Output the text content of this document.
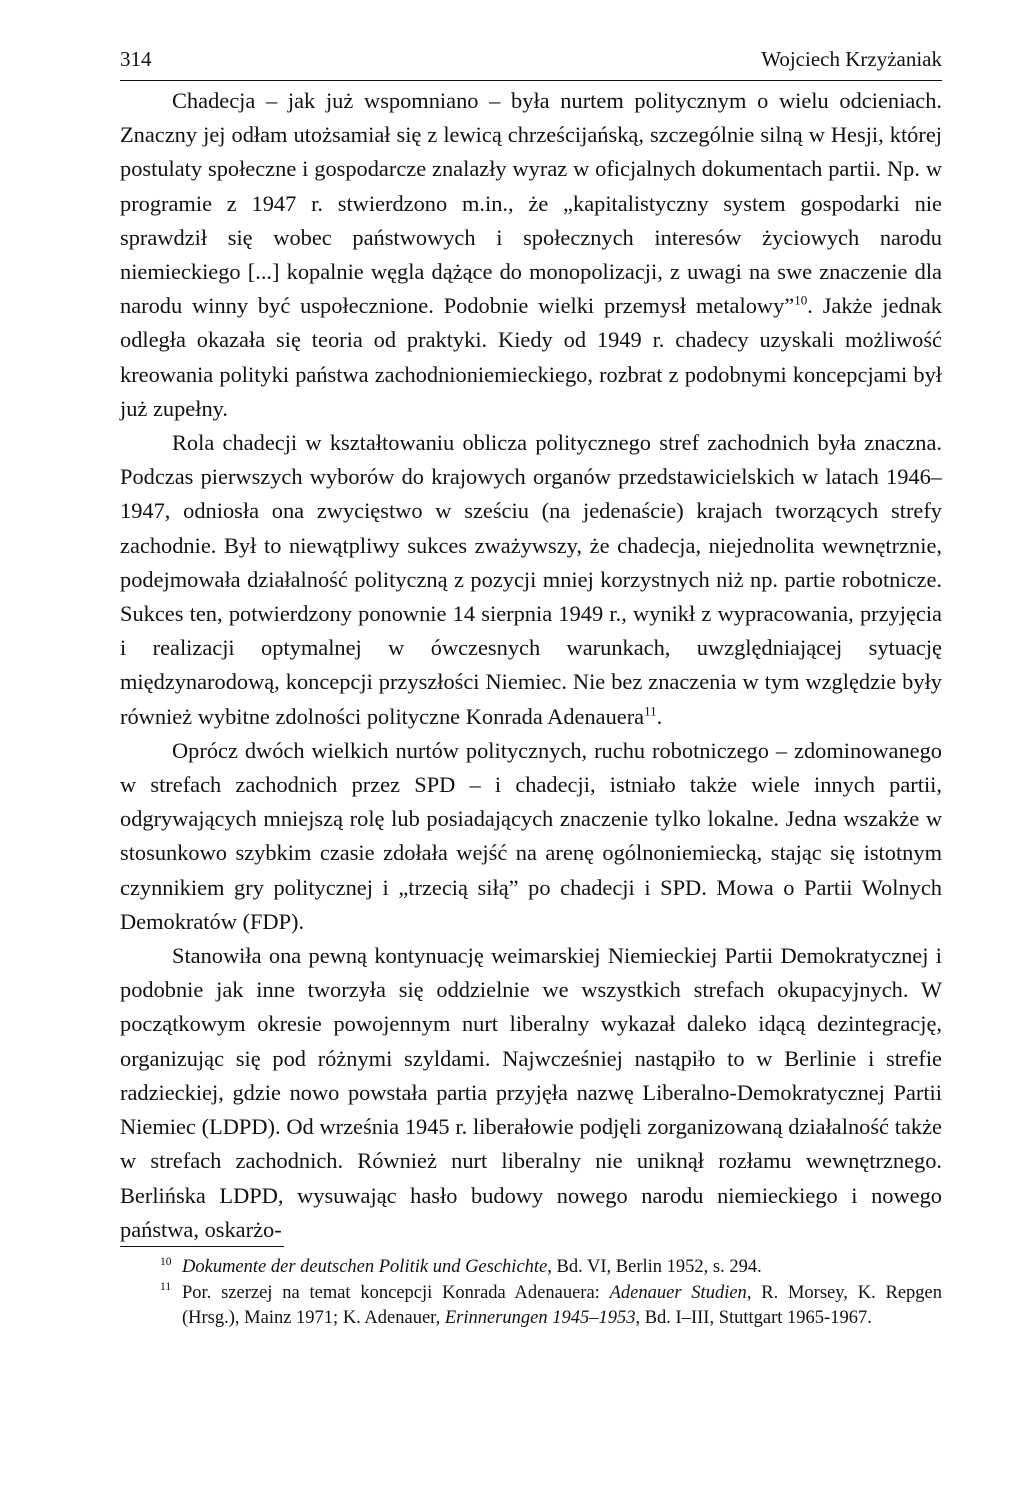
314	Wojciech Krzyżaniak

Chadecja – jak już wspomniano – była nurtem politycznym o wielu odcieniach. Znaczny jej odłam utożsamiał się z lewicą chrześcijańską, szczególnie silną w Hesji, której postulaty społeczne i gospodarcze znalazły wyraz w oficjalnych dokumentach partii. Np. w programie z 1947 r. stwierdzono m.in., że „kapitalistyczny system gospodarki nie sprawdził się wobec państwowych i społecznych interesów życiowych narodu niemieckiego [...] kopalnie węgla dążące do monopolizacji, z uwagi na swe znaczenie dla narodu winny być uspołecznione. Podobnie wielki przemysł metalowy”$^{10}$. Jakże jednak odległa okazała się teoria od praktyki. Kiedy od 1949 r. chadecy uzyskali możliwość kreowania polityki państwa zachodnioniemieckiego, rozbrat z podobnymi koncepcjami był już zupełny.

Rola chadecji w kształtowaniu oblicza politycznego stref zachodnich była znaczna. Podczas pierwszych wyborów do krajowych organów przedstawicielskich w latach 1946–1947, odniosła ona zwycięstwo w sześciu (na jedenaście) krajach tworzących strefy zachodnie. Był to niewątpliwy sukces zważywszy, że chadecja, niejednolita wewnętrznie, podejmowała działalność polityczną z pozycji mniej korzystnych niż np. partie robotnicze. Sukces ten, potwierdzony ponownie 14 sierpnia 1949 r., wynikł z wypracowania, przyjęcia i realizacji optymalnej w ówczesnych warunkach, uwzględniającej sytuację międzynarodową, koncepcji przyszłości Niemiec. Nie bez znaczenia w tym względzie były również wybitne zdolności polityczne Konrada Adenauera$^{11}$.

Oprócz dwóch wielkich nurtów politycznych, ruchu robotniczego – zdominowanego w strefach zachodnich przez SPD – i chadecji, istniało także wiele innych partii, odgrywających mniejszą rolę lub posiadających znaczenie tylko lokalne. Jedna wszakże w stosunkowo szybkim czasie zdołała wejść na arenę ogólnoniemiecką, stając się istotnym czynnikiem gry politycznej i „trzecią siłą” po chadecji i SPD. Mowa o Partii Wolnych Demokratów (FDP).

Stanowiła ona pewną kontynuację weimarskiej Niemieckiej Partii Demokratycznej i podobnie jak inne tworzyła się oddzielnie we wszystkich strefach okupacyjnych. W początkowym okresie powojennym nurt liberalny wykazał daleko idącą dezintegrację, organizując się pod różnymi szyldami. Najwcześniej nastąpiło to w Berlinie i strefie radzieckiej, gdzie nowo powstała partia przyjęła nazwę Liberalno-Demokratycznej Partii Niemiec (LDPD). Od września 1945 r. liberałowie podjęli zorganizowaną działalność także w strefach zachodnich. Również nurt liberalny nie uniknął rozłamu wewnętrznego. Berlińska LDPD, wysuwając hasło budowy nowego narodu niemieckiego i nowego państwa, oskarżo-

10 Dokumente der deutschen Politik und Geschichte, Bd. VI, Berlin 1952, s. 294.

11 Por. szerzej na temat koncepcji Konrada Adenauera: Adenauer Studien, R. Morsey, K. Repgen (Hrsg.), Mainz 1971; K. Adenauer, Erinnerungen 1945–1953, Bd. I–III, Stuttgart 1965-1967.
